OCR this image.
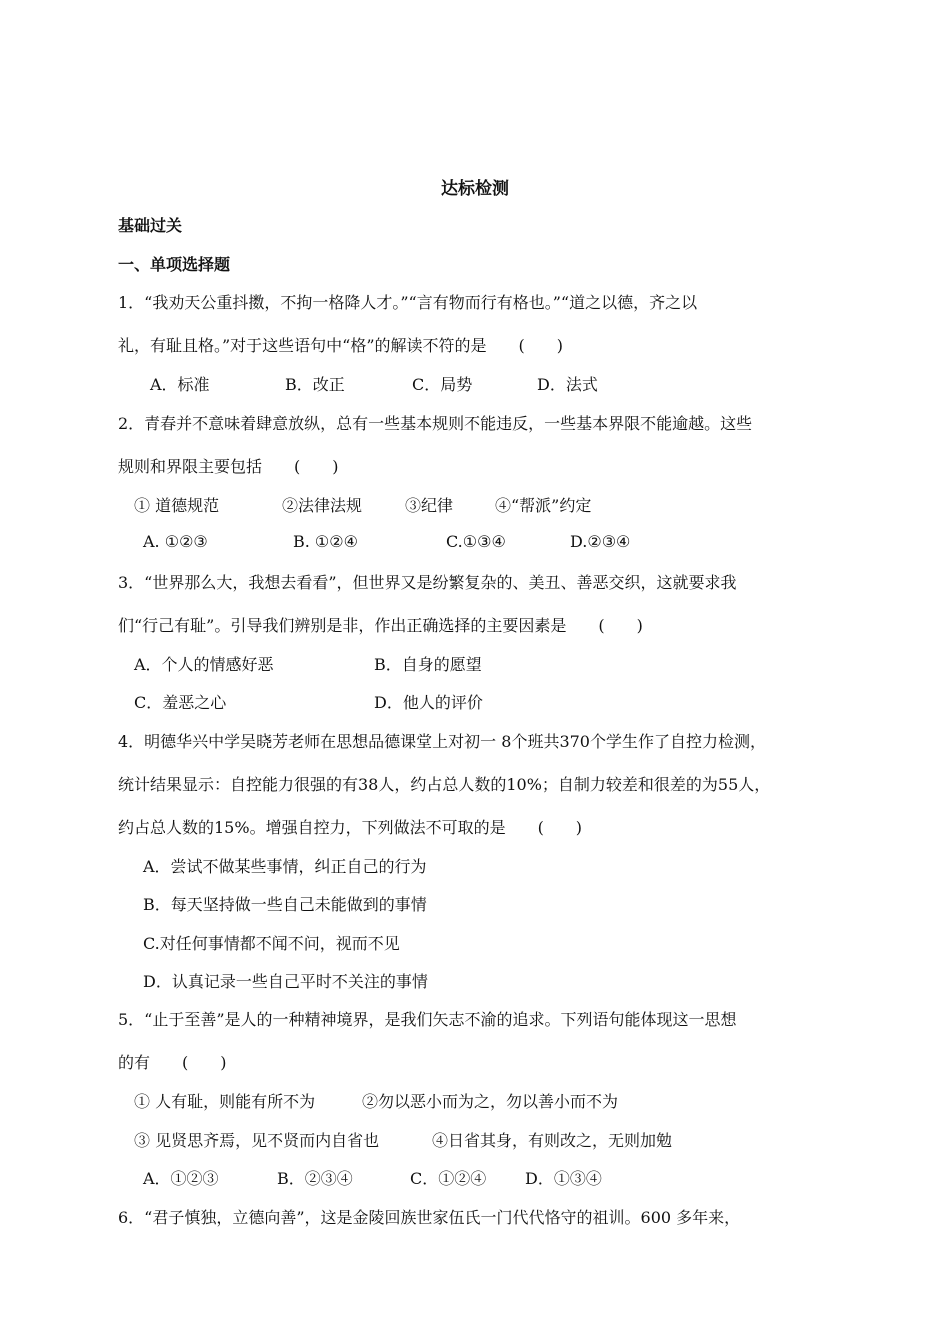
达标检测
基础过关
一、单项选择题
1．“我劝天公重抖擞，不拘一格降人才。”“言有物而行有格也。”“道之以德，齐之以
礼，有耻且格。”对于这些语句中“格”的解读不符的是　　(　　)
A．标准	B．改正	C．局势	D．法式
2．青春并不意味着肆意放纵，总有一些基本规则不能违反，一些基本界限不能逾越。这些
规则和界限主要包括　　(　　)
① 道德规范	②法律法规	③纪律	④“帮派”约定
A. ①②③	B. ①②④	C.①③④	D.②③④
3．“世界那么大，我想去看看”，但世界又是纷繁复杂的、美丑、善恶交织，这就要求我
们“行己有耻”。引导我们辨别是非，作出正确选择的主要因素是　　(　　)
A．个人的情感好恶	B．自身的愿望
C．羞恶之心	D．他人的评价
4．明德华兴中学吴晓芳老师在思想品德课堂上对初一 8个班共370个学生作了自控力检测，
统计结果显示：自控能力很强的有38人，约占总人数的10%；自制力较差和很差的为55人，
约占总人数的15%。增强自控力，下列做法不可取的是　　(　　)
A．尝试不做某些事情，纠正自己的行为
B．每天坚持做一些自己未能做到的事情
C.对任何事情都不闻不问，视而不见
D．认真记录一些自己平时不关注的事情
5．“止于至善”是人的一种精神境界，是我们矢志不渝的追求。下列语句能体现这一思想
的有　　(　　)
① 人有耻，则能有所不为	②勿以恶小而为之，勿以善小而不为
③ 见贤思齐焉，见不贤而内自省也	④日省其身，有则改之，无则加勉
A．①②③	B．②③④	C．①②④ D．①③④
6．“君子慎独，立德向善”，这是金陵回族世家伍氏一门代代恪守的祖训。600 多年来，
